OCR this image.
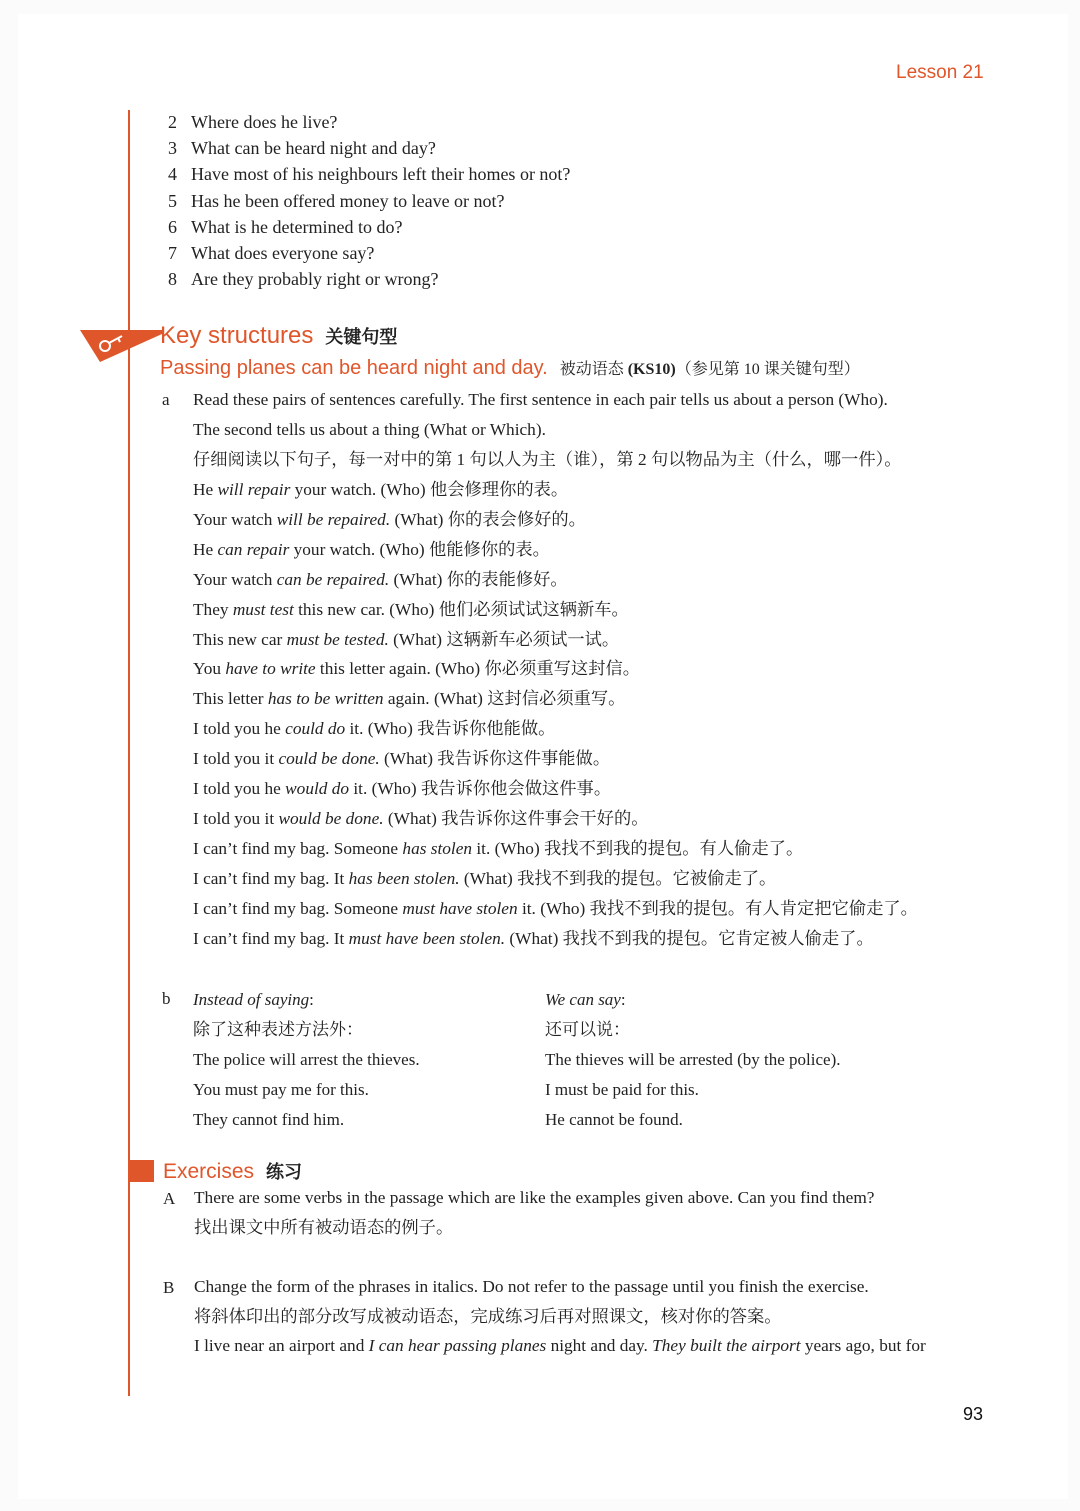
Lesson 21
2 Where does he live?
3 What can be heard night and day?
4 Have most of his neighbours left their homes or not?
5 Has he been offered money to leave or not?
6 What is he determined to do?
7 What does everyone say?
8 Are they probably right or wrong?
Key structures 关键句型
Passing planes can be heard night and day. 被动语态 (KS10)（参见第 10 课关键句型）
a Read these pairs of sentences carefully. The first sentence in each pair tells us about a person (Who).
The second tells us about a thing (What or Which).
仔细阅读以下句子，每一对中的第 1 句以人为主（谁），第 2 句以物品为主（什么，哪一件）。
He will repair your watch. (Who) 他会修理你的表。
Your watch will be repaired. (What) 你的表会修好的。
He can repair your watch. (Who) 他能修你的表。
Your watch can be repaired. (What) 你的表能修好。
They must test this new car. (Who) 他们必须试试这辆新车。
This new car must be tested. (What) 这辆新车必须试一试。
You have to write this letter again. (Who) 你必须重写这封信。
This letter has to be written again. (What) 这封信必须重写。
I told you he could do it. (Who) 我告诉你他能做。
I told you it could be done. (What) 我告诉你这件事能做。
I told you he would do it. (Who) 我告诉你他会做这件事。
I told you it would be done. (What) 我告诉你这件事会干好的。
I can’t find my bag. Someone has stolen it. (Who) 我找不到我的提包。有人偷走了。
I can’t find my bag. It has been stolen. (What) 我找不到我的提包。它被偷走了。
I can’t find my bag. Someone must have stolen it. (Who) 我找不到我的提包。有人肯定把它偷走了。
I can’t find my bag. It must have been stolen. (What) 我找不到我的提包。它肯定被人偷走了。
b Instead of saying:
除了这种表述方法外：
The police will arrest the thieves.
You must pay me for this.
They cannot find him.
We can say:
还可以说：
The thieves will be arrested (by the police).
I must be paid for this.
He cannot be found.
Exercises 练习
A There are some verbs in the passage which are like the examples given above. Can you find them?
找出课文中所有被动语态的例子。
B Change the form of the phrases in italics. Do not refer to the passage until you finish the exercise.
将斜体印出的部分改写成被动语态，完成练习后再对照课文，核对你的答案。
I live near an airport and I can hear passing planes night and day. They built the airport years ago, but for
93
